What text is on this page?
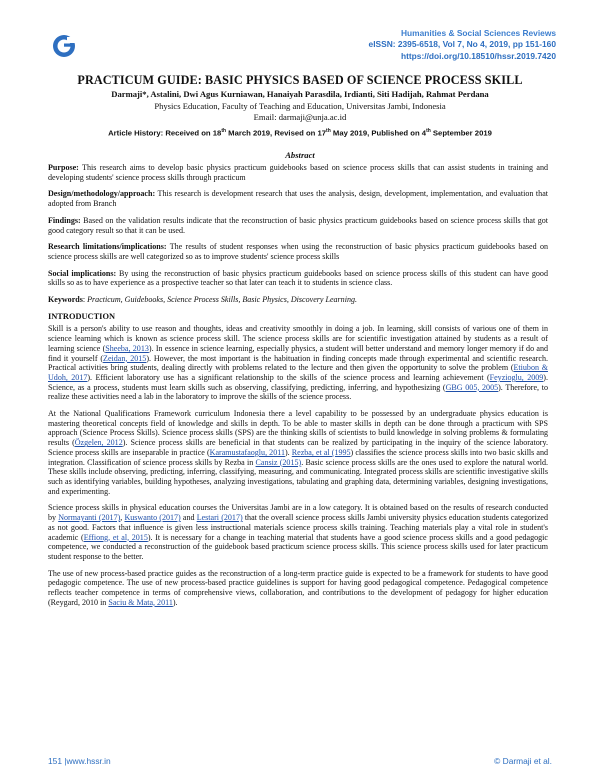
Humanities & Social Sciences Reviews
eISSN: 2395-6518, Vol 7, No 4, 2019, pp 151-160
https://doi.org/10.18510/hssr.2019.7420
PRACTICUM GUIDE: BASIC PHYSICS BASED OF SCIENCE PROCESS SKILL
Darmaji*, Astalini, Dwi Agus Kurniawan, Hanaiyah Parasdila, Irdianti, Siti Hadijah, Rahmat Perdana
Physics Education, Faculty of Teaching and Education, Universitas Jambi, Indonesia
Email: darmaji@unja.ac.id
Article History: Received on 18th March 2019, Revised on 17th May 2019, Published on 4th September 2019
Abstract

Purpose: This research aims to develop basic physics practicum guidebooks based on science process skills that can assist students in training and developing students' science process skills through practicum

Design/methodology/approach: This research is development research that uses the analysis, design, development, implementation, and evaluation that adopted from Branch

Findings: Based on the validation results indicate that the reconstruction of basic physics practicum guidebooks based on science process skills that got good category result so that it can be used.

Research limitations/implications: The results of student responses when using the reconstruction of basic physics practicum guidebooks based on science process skills are well categorized so as to improve students' science process skills

Social implications: By using the reconstruction of basic physics practicum guidebooks based on science process skills of this student can have good skills so as to have experience as a prospective teacher so that later can teach it to students in science class.

Keywords: Practicum, Guidebooks, Science Process Skills, Basic Physics, Discovery Learning.

INTRODUCTION

Skill is a person's ability to use reason and thoughts, ideas and creativity smoothly in doing a job. In learning, skill consists of various one of them in science learning which is known as science process skill. The science process skills are for scientific investigation attained by students as a result of learning science (Sheeba, 2013). In essence in science learning, especially physics, a student will better understand and memory longer memory if do and find it yourself (Zeidan, 2015). However, the most important is the habituation in finding concepts made through experimental and scientific research. Practical activities bring students, dealing directly with problems related to the lecture and then given the opportunity to solve the problem (Etiubon & Udoh, 2017). Efficient laboratory use has a significant relationship to the skills of the science process and learning achievement (Feyzioglu, 2009). Science, as a process, students must learn skills such as observing, classifying, predicting, inferring, and hypothesizing (GBG 005, 2005). Therefore, to realize these activities need a lab in the laboratory to improve the skills of the science process.

At the National Qualifications Framework curriculum Indonesia there a level capability to be possessed by an undergraduate physics education is mastering theoretical concepts field of knowledge and skills in depth. To be able to master skills in depth can be done through a practicum with SPS approach (Science Process Skills). Science process skills (SPS) are the thinking skills of scientists to build knowledge in solving problems & formulating results (Özgelen, 2012). Science process skills are beneficial in that students can be realized by participating in the inquiry of the science laboratory. Science process skills are inseparable in practice (Karamustafaoglu, 2011). Rezba, et al (1995) classifies the science process skills into two basic skills and integration. Classification of science process skills by Rezba in Cansiz (2015). Basic science process skills are the ones used to explore the natural world. These skills include observing, predicting, inferring, classifying, measuring, and communicating. Integrated process skills are scientific investigative skills such as identifying variables, building hypotheses, analyzing investigations, tabulating and graphing data, determining variables, designing investigations, and experimenting.

Science process skills in physical education courses the Universitas Jambi are in a low category. It is obtained based on the results of research conducted by Normayanti (2017), Kuswanto (2017) and Lestari (2017) that the overall science process skills Jambi university physics education students categorized as not good. Factors that influence is given less instructional materials science process skills training. Teaching materials play a vital role in student's academic (Effiong, et al, 2015). It is necessary for a change in teaching material that students have a good science process skills and a good pedagogic competence, we conducted a reconstruction of the guidebook based practicum science process skills. This science process skills used for later practicum student response to the better.

The use of new process-based practice guides as the reconstruction of a long-term practice guide is expected to be a framework for students to have good pedagogic competence. The use of new process-based practice guidelines is support for having good pedagogical competence. Pedagogical competence reflects teacher competence in terms of comprehensive views, collaboration, and contributions to the development of pedagogy for higher education (Reygard, 2010 in Saciu & Mata, 2011).

151 |www.hssr.in	© Darmaji et al.
